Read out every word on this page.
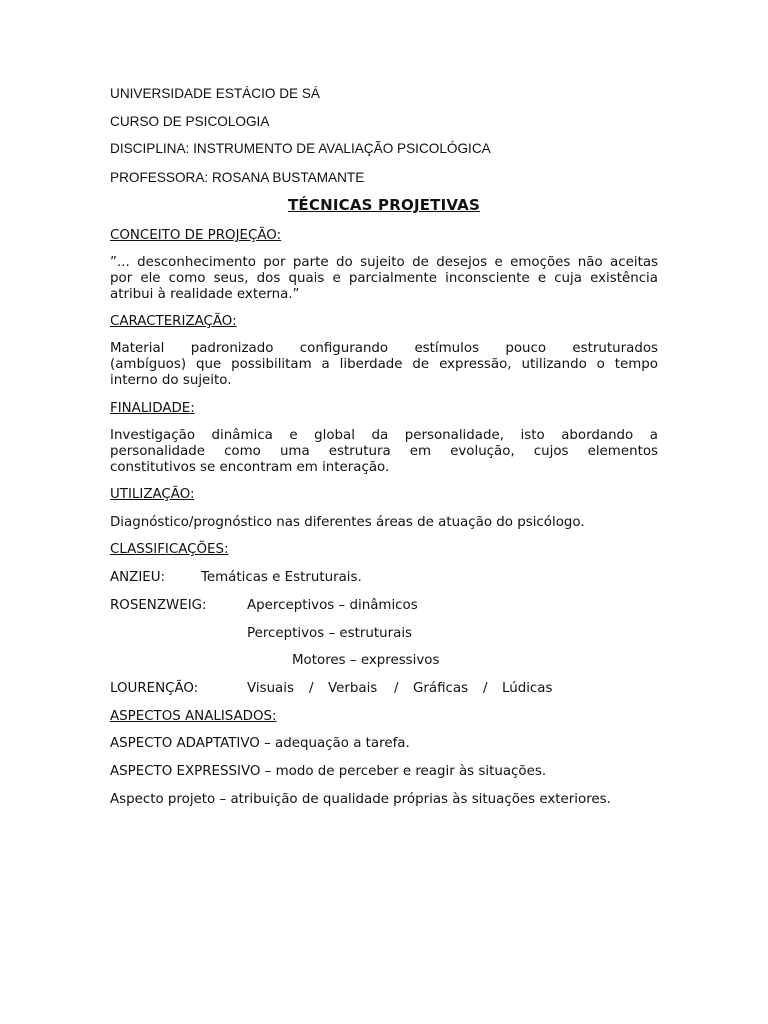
UNIVERSIDADE ESTÁCIO DE SÁ
CURSO DE PSICOLOGIA
DISCIPLINA: INSTRUMENTO DE AVALIAÇÃO PSICOLÓGICA
PROFESSORA: ROSANA BUSTAMANTE
TÉCNICAS PROJETIVAS
CONCEITO DE PROJEÇÃO:
”... desconhecimento por parte do sujeito de desejos e emoções não aceitas
por ele como seus, dos quais e parcialmente inconsciente e cuja existência
atribui à realidade externa.”
CARACTERIZAÇÃO:
Material padronizado configurando estímulos pouco estruturados
(ambíguos) que possibilitam a liberdade de expressão, utilizando o tempo
interno do sujeito.
FINALIDADE:
Investigação dinâmica e global da personalidade, isto abordando a
personalidade como uma estrutura em evolução, cujos elementos
constitutivos se encontram em interação.
UTILIZAÇÃO:
Diagnóstico/prognóstico nas diferentes áreas de atuação do psicólogo.
CLASSIFICAÇÕES:
ANZIEU:	Temáticas e Estruturais.
ROSENZWEIG:	Aperceptivos – dinâmicos
Perceptivos – estruturais
Motores – expressivos
LOURENÇÃO:	Visuais / Verbais / Gráficas / Lúdicas
ASPECTOS ANALISADOS:
ASPECTO ADAPTATIVO – adequação a tarefa.
ASPECTO EXPRESSIVO – modo de perceber e reagir às situações.
Aspecto projeto – atribuição de qualidade próprias às situações exteriores.
